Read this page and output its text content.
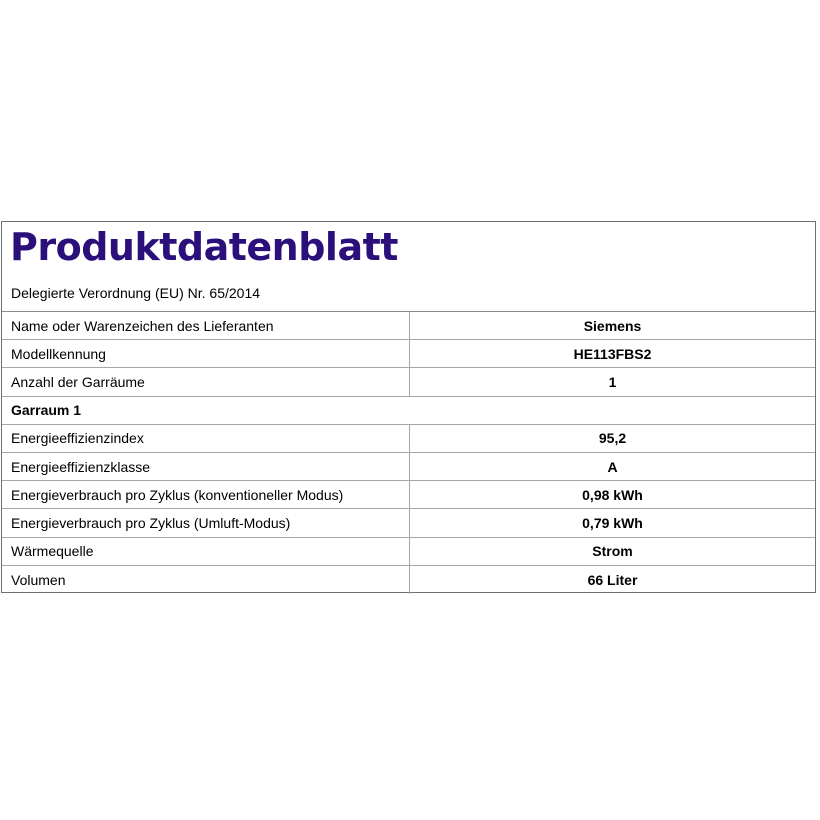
Produktdatenblatt
Delegierte Verordnung (EU) Nr. 65/2014
Name oder Warenzeichen des Lieferanten	Siemens
Modellkennung	HE113FBS2
Anzahl der Garräume	1
Garraum 1
Energieeffizienzindex	95,2
Energieeffizienzklasse	A
Energieverbrauch pro Zyklus (konventioneller Modus)	0,98 kWh
Energieverbrauch pro Zyklus (Umluft-Modus)	0,79 kWh
Wärmequelle	Strom
Volumen	66 Liter
